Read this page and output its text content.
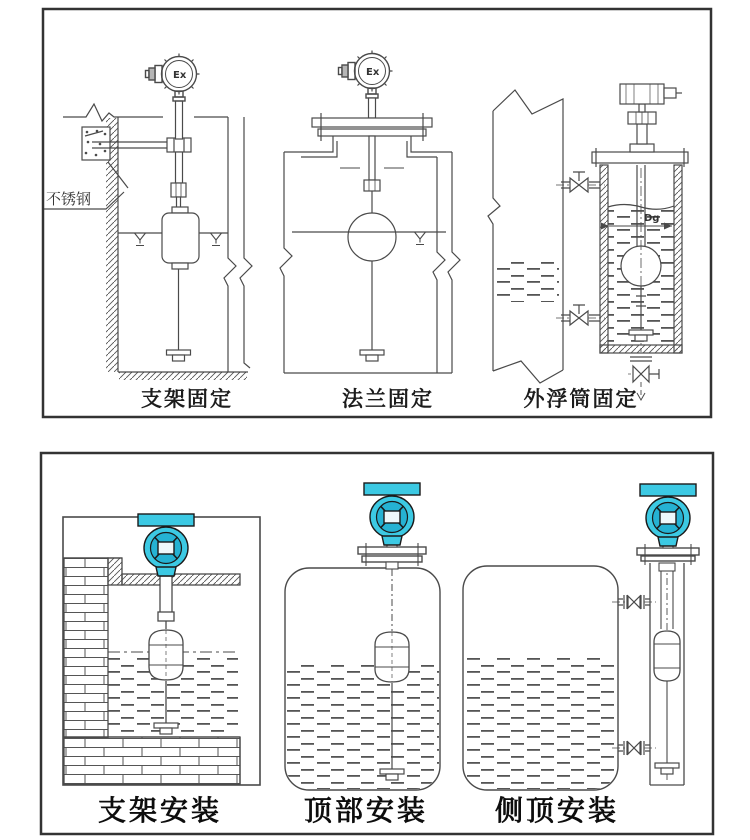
不锈钢
Ex	Ex
Dg
支架固定	法兰固定	外浮筒固定
支架安装	顶部安装 侧顶安装
